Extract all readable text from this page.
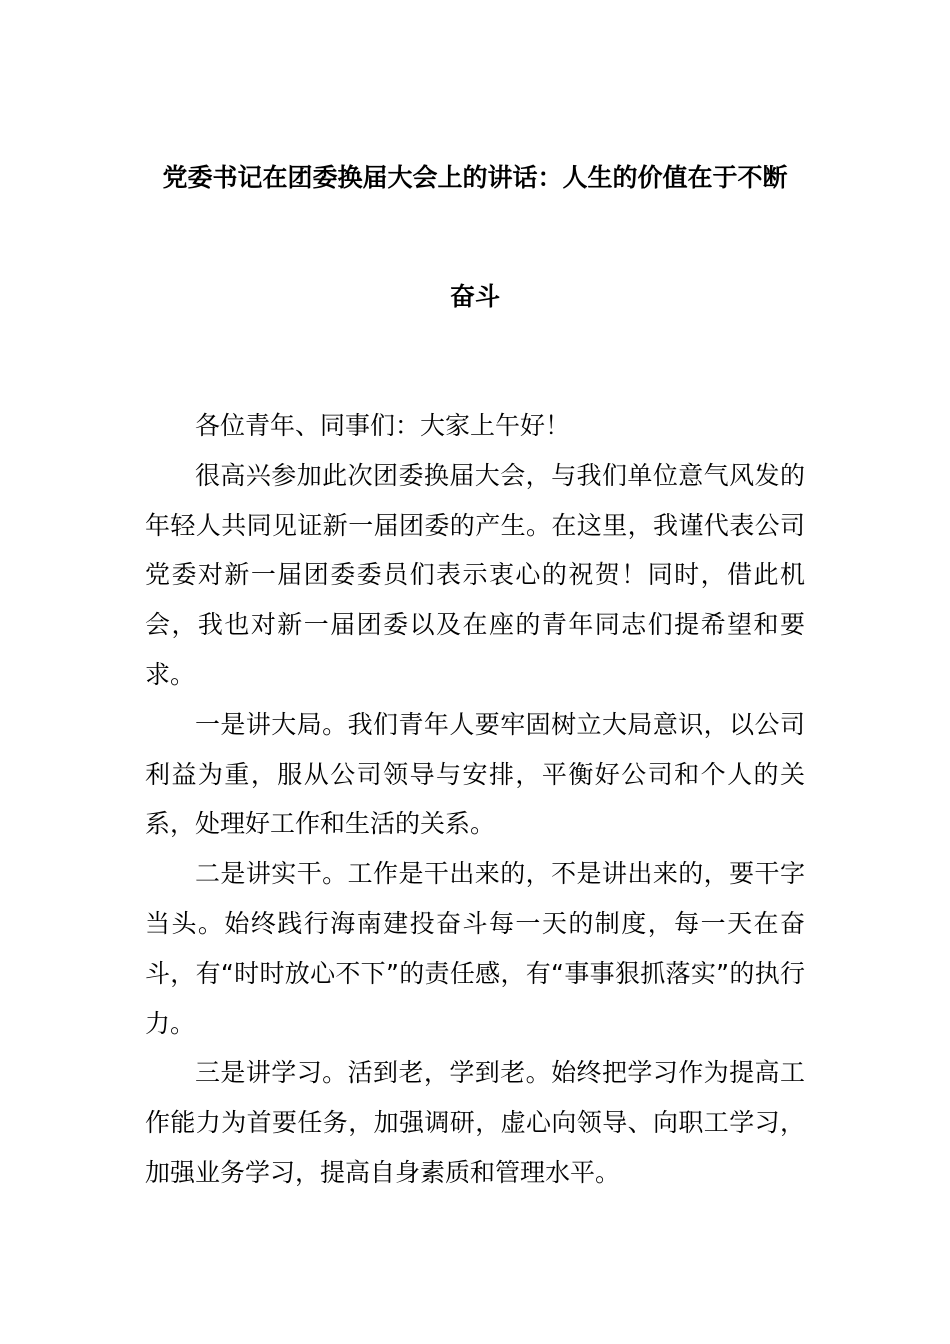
党委书记在团委换届大会上的讲话：人生的价值在于不断
奋斗

各位青年、同事们：大家上午好！

很高兴参加此次团委换届大会，与我们单位意气风发的年轻人共同见证新一届团委的产生。在这里，我谨代表公司党委对新一届团委委员们表示衷心的祝贺！同时，借此机会，我也对新一届团委以及在座的青年同志们提希望和要求。

一是讲大局。我们青年人要牢固树立大局意识，以公司利益为重，服从公司领导与安排，平衡好公司和个人的关系，处理好工作和生活的关系。

二是讲实干。工作是干出来的，不是讲出来的，要干字当头。始终践行海南建投奋斗每一天的制度，每一天在奋斗，有“时时放心不下”的责任感，有“事事狠抓落实”的执行力。

三是讲学习。活到老，学到老。始终把学习作为提高工作能力为首要任务，加强调研，虚心向领导、向职工学习，加强业务学习，提高自身素质和管理水平。
